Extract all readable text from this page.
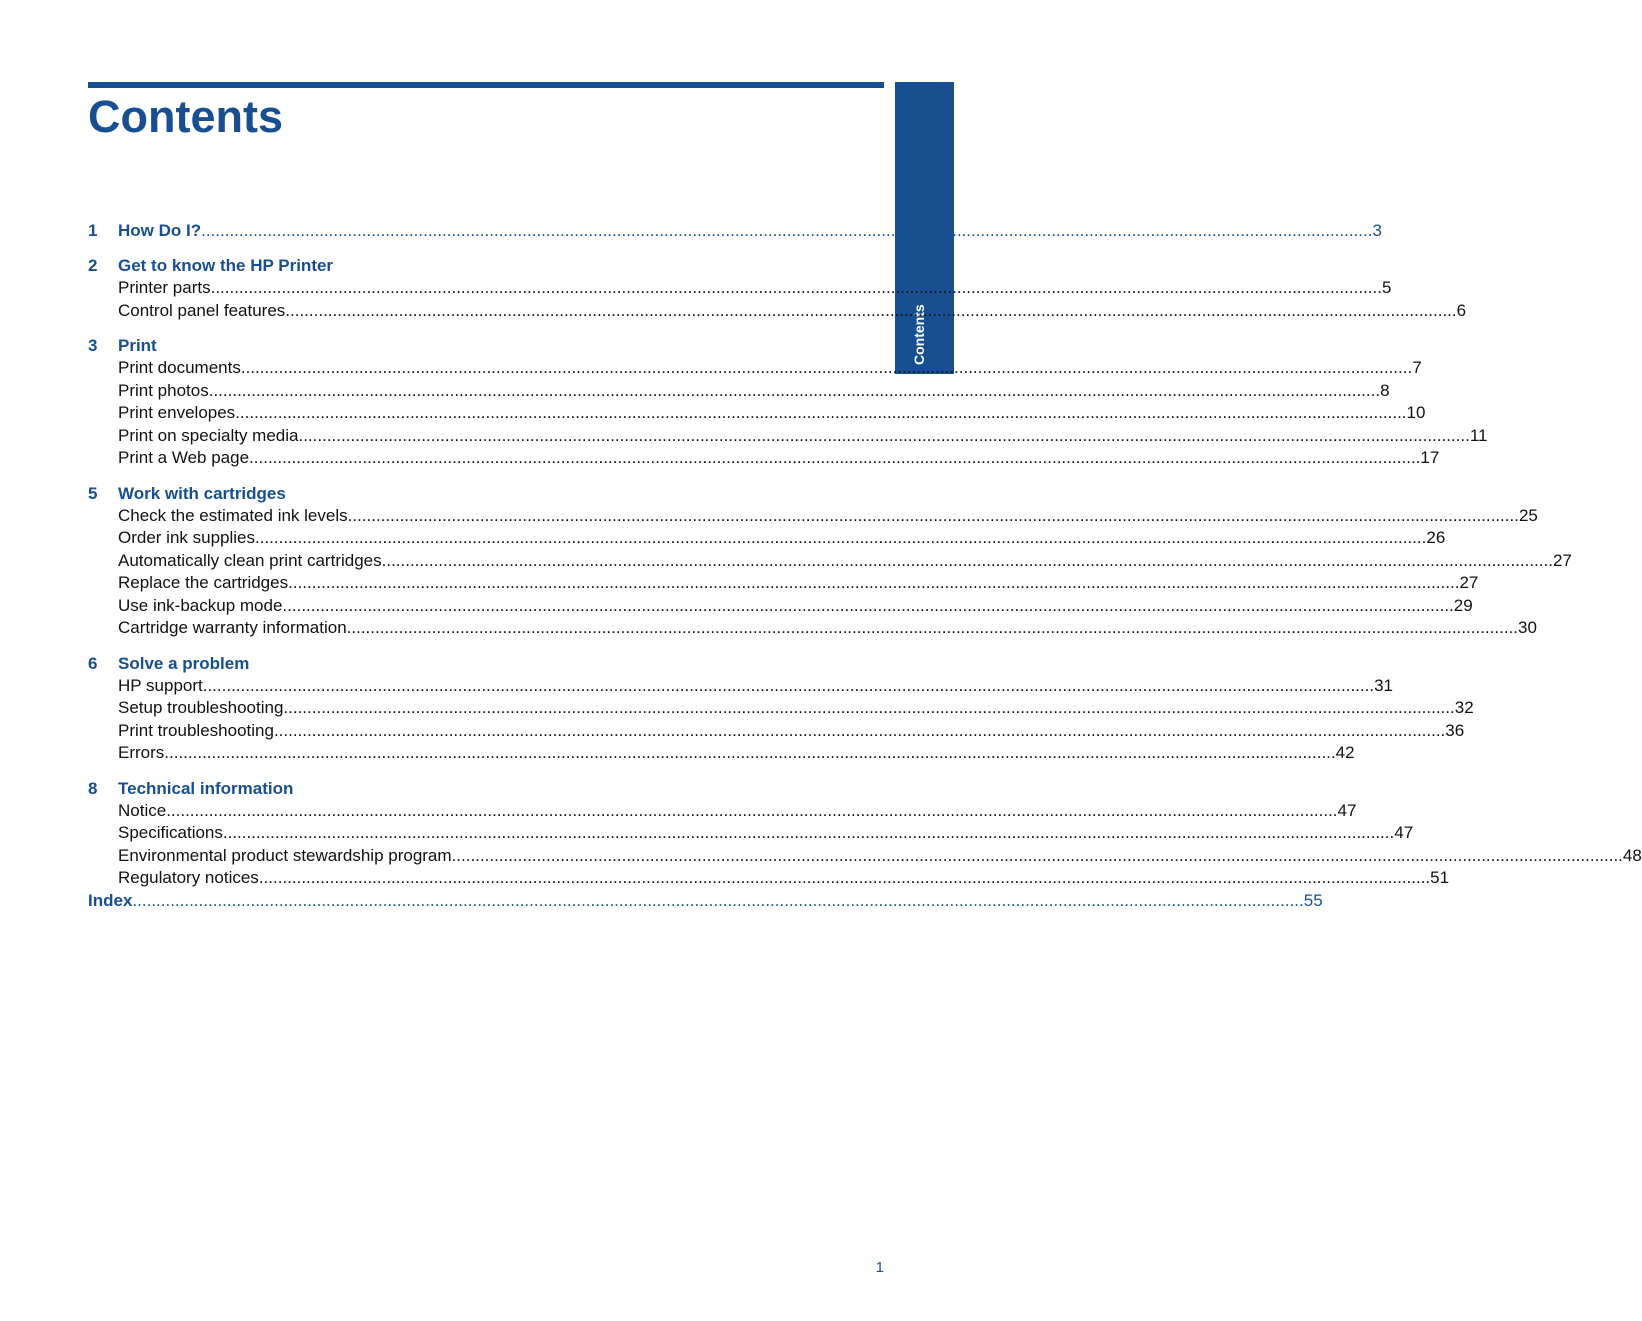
Contents
Contents
1	How Do I? .....	3
2	Get to know the HP Printer
Printer parts .....	5
Control panel features .....	6
3	Print
Print documents .....	7
Print photos .....	8
Print envelopes .....	10
Print on specialty media .....	11
Print a Web page .....	17
5	Work with cartridges
Check the estimated ink levels .....	25
Order ink supplies .....	26
Automatically clean print cartridges .....	27
Replace the cartridges .....	27
Use ink-backup mode .....	29
Cartridge warranty information .....	30
6	Solve a problem
HP support .....	31
Setup troubleshooting .....	32
Print troubleshooting .....	36
Errors .....	42
8	Technical information
Notice .....	47
Specifications .....	47
Environmental product stewardship program .....	48
Regulatory notices .....	51
Index .....	55
1
